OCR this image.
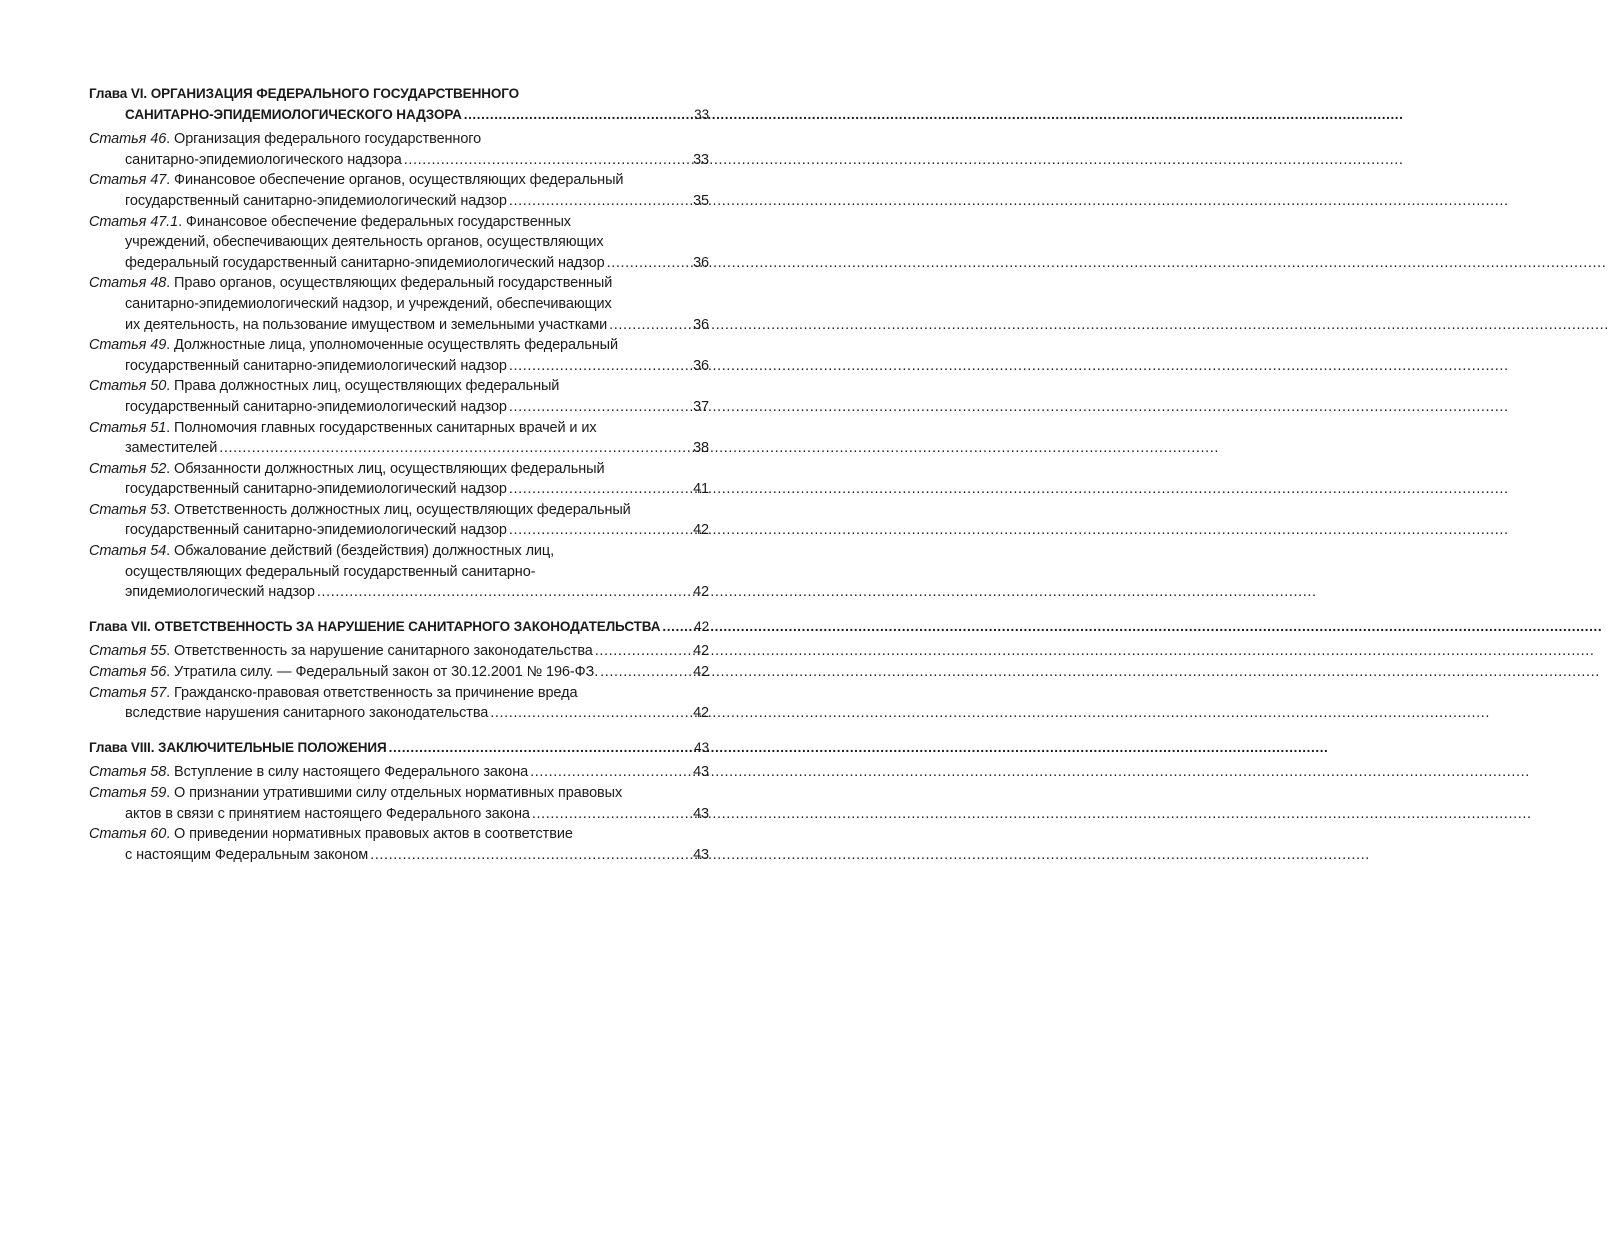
Глава VI. ОРГАНИЗАЦИЯ ФЕДЕРАЛЬНОГО ГОСУДАРСТВЕННОГО
САНИТАРНО-ЭПИДЕМИОЛОГИЧЕСКОГО НАДЗОРА .....	33
Статья 46. Организация федерального государственного
санитарно-эпидемиологического надзора .....	33
Статья 47. Финансовое обеспечение органов, осуществляющих федеральный
государственный санитарно-эпидемиологический надзор .....	35
Статья 47.1. Финансовое обеспечение федеральных государственных
учреждений, обеспечивающих деятельность органов, осуществляющих
федеральный государственный санитарно-эпидемиологический надзор .....	36
Статья 48. Право органов, осуществляющих федеральный государственный
санитарно-эпидемиологический надзор, и учреждений, обеспечивающих
их деятельность, на пользование имуществом и земельными участками .....	36
Статья 49. Должностные лица, уполномоченные осуществлять федеральный
государственный санитарно-эпидемиологический надзор .....	36
Статья 50. Права должностных лиц, осуществляющих федеральный
государственный санитарно-эпидемиологический надзор .....	37
Статья 51. Полномочия главных государственных санитарных врачей и их
заместителей .....	38
Статья 52. Обязанности должностных лиц, осуществляющих федеральный
государственный санитарно-эпидемиологический надзор .....	41
Статья 53. Ответственность должностных лиц, осуществляющих федеральный
государственный санитарно-эпидемиологический надзор .....	42
Статья 54. Обжалование действий (бездействия) должностных лиц,
осуществляющих федеральный государственный санитарно-
эпидемиологический надзор .....	42
Глава VII. ОТВЕТСТВЕННОСТЬ ЗА НАРУШЕНИЕ САНИТАРНОГО ЗАКОНОДАТЕЛЬСТВА .....	42
Статья 55. Ответственность за нарушение санитарного законодательства .....	42
Статья 56. Утратила силу. — Федеральный закон от 30.12.2001 № 196-ФЗ. .....	42
Статья 57. Гражданско-правовая ответственность за причинение вреда
вследствие нарушения санитарного законодательства .....	42
Глава VIII. ЗАКЛЮЧИТЕЛЬНЫЕ ПОЛОЖЕНИЯ .....	43
Статья 58. Вступление в силу настоящего Федерального закона .....	43
Статья 59. О признании утратившими силу отдельных нормативных правовых
актов в связи с принятием настоящего Федерального закона .....	43
Статья 60. О приведении нормативных правовых актов в соответствие
с настоящим Федеральным законом .....	43
